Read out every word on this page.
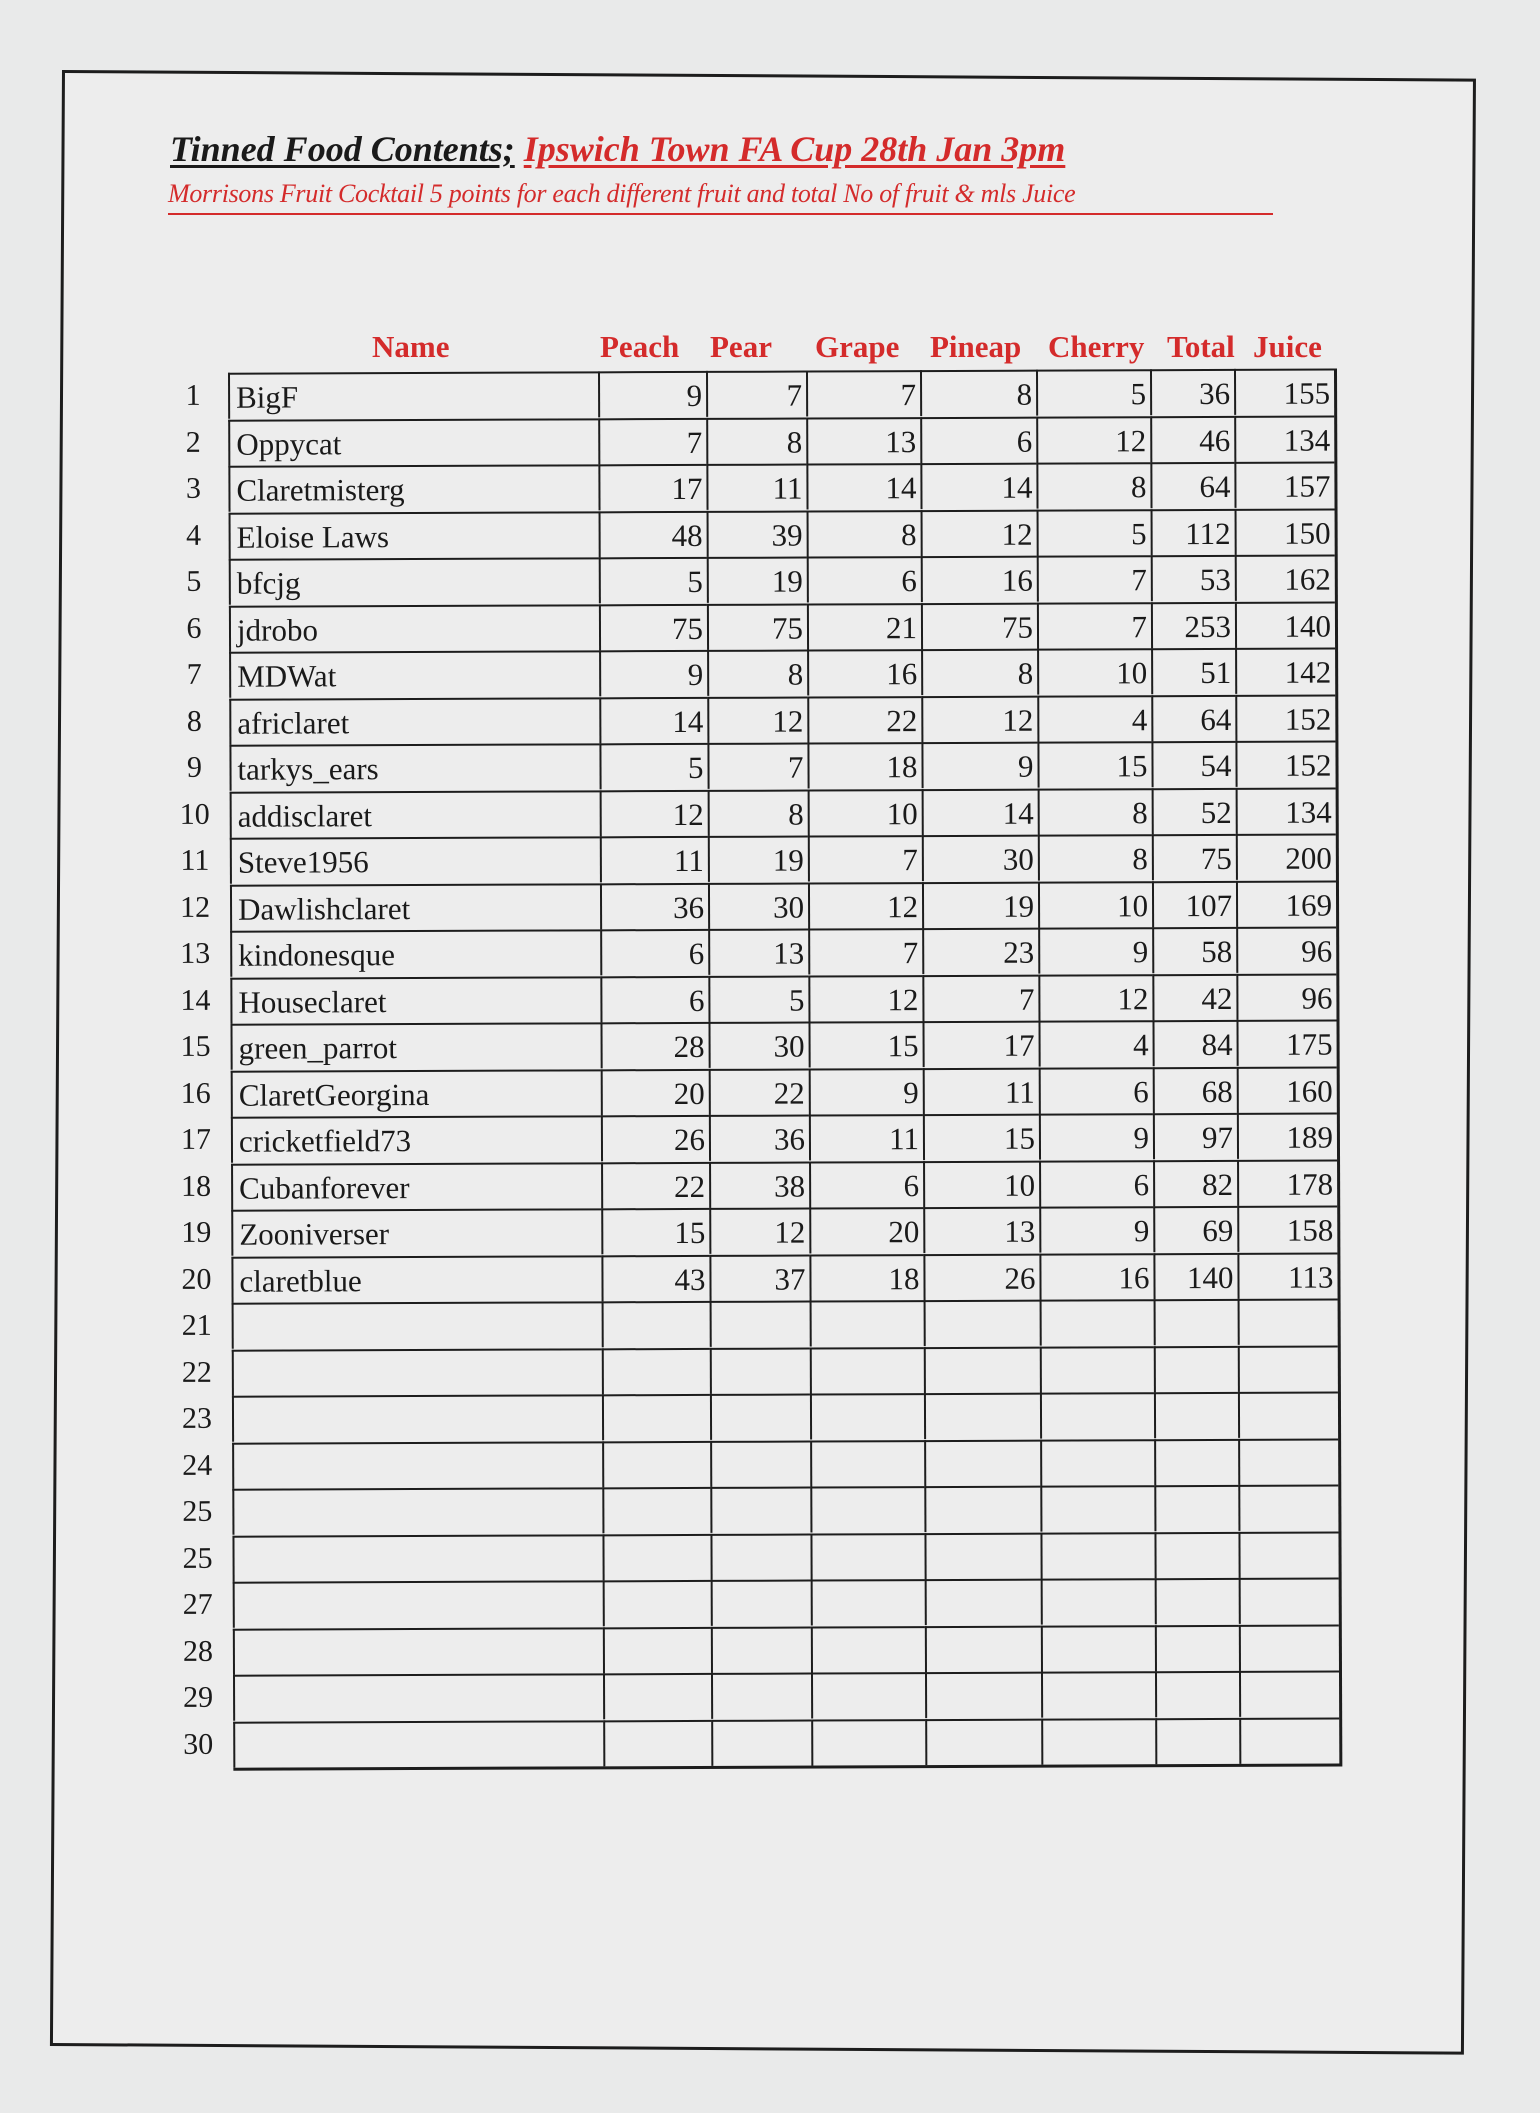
Tinned Food Contents; Ipswich Town FA Cup 28th Jan 3pm
Morrisons Fruit Cocktail 5 points for each different fruit and total No of fruit & mls Juice
Name	Peach Pear Grape Pineap Cherry Total Juice
1	BigF	9	7	7	8	5	36	155
2	Oppycat	7	8	13	6	12	46	134
3	Claretmisterg	17	11	14	14	8	64	157
4	Eloise Laws	48	39	8	12	5	112	150
5	bfcjg	5	19	6	16	7	53	162
6	jdrobo	75	75	21	75	7	253	140
7	MDWat	9	8	16	8	10	51	142
8	africlaret	14	12	22	12	4	64	152
9	tarkys_ears	5	7	18	9	15	54	152
10 addisclaret	12	8	10	14	8	52	134
11 Steve1956	11	19	7	30	8	75	200
12 Dawlishclaret	36	30	12	19	10	107	169
13 kindonesque	6	13	7	23	9	58	96
14 Houseclaret	6	5	12	7	12	42	96
15 green_parrot	28	30	15	17	4	84	175
16 ClaretGeorgina	20	22	9	11	6	68	160
17 cricketfield73	26	36	11	15	9	97	189
18 Cubanforever	22	38	6	10	6	82	178
19 Zooniverser	15	12	20	13	9	69	158
20 claretblue	43	37	18	26	16	140	113
21
22
23
24
25
25
27
28
29
30
